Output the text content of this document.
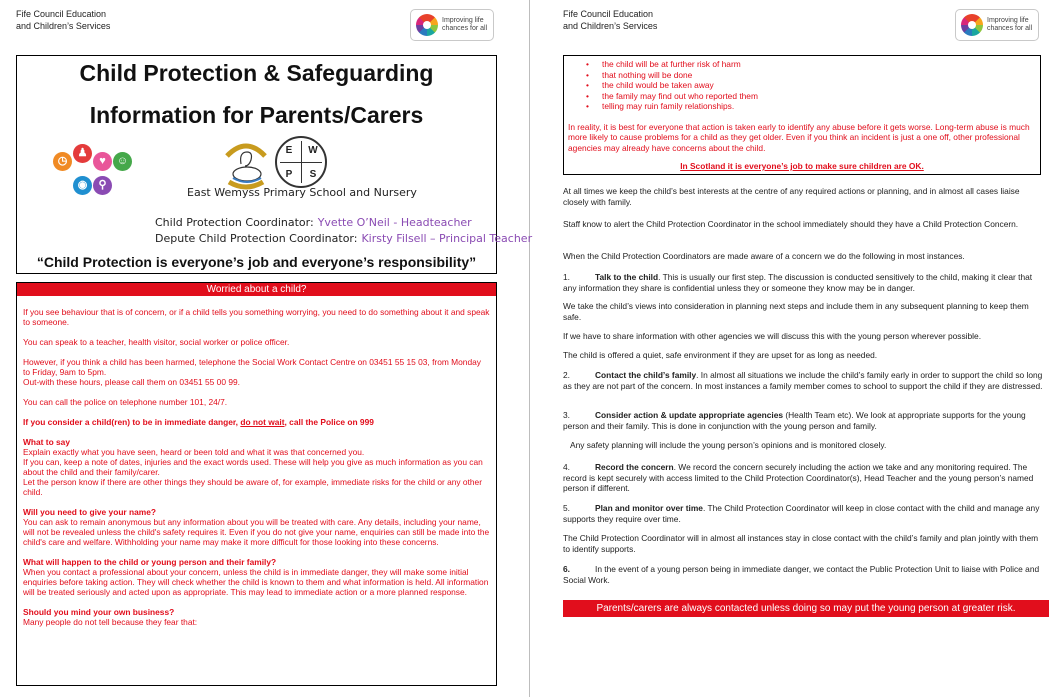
Fife Council Education
and Children’s Services
Improving life
chances for all
Fife Council Education
and Children’s Services
Improving life
chances for all
Child Protection & Safeguarding
Information for Parents/Carers
◷
♟
♥	☺
◉	⚲
E	W
P	S
East Wemyss Primary School and Nursery
Child Protection Coordinator: Yvette O’Neil - Headteacher
Depute Child Protection Coordinator: Kirsty Filsell – Principal Teacher
“Child Protection is everyone’s job and everyone’s responsibility”
Worried about a child?

If you see behaviour that is of concern, or if a child tells you something worrying, you need to do something about it and speak to someone.

You can speak to a teacher, health visitor, social worker or police officer.

However, if you think a child has been harmed, telephone the Social Work Contact Centre on 03451 55 15 03, from Monday to Friday, 9am to 5pm.
Out-with these hours, please call them on 03451 55 00 99.

You can call the police on telephone number 101, 24/7.

If you consider a child(ren) to be in immediate danger, do not wait, call the Police on 999

What to say
Explain exactly what you have seen, heard or been told and what it was that concerned you.
If you can, keep a note of dates, injuries and the exact words used. These will help you give as much information as you can about the child and their family/carer.
Let the person know if there are other things they should be aware of, for example, immediate risks for the child or any other child.

Will you need to give your name?
You can ask to remain anonymous but any information about you will be treated with care. Any details, including your name, will not be revealed unless the child's safety requires it. Even if you do not give your name, enquiries can still be made into the child's care and welfare. Withholding your name may make it more difficult for those looking into these concerns.

What will happen to the child or young person and their family?
When you contact a professional about your concern, unless the child is in immediate danger, they will make some initial enquiries before taking action. They will check whether the child is known to them and what information is held. All information will be treated seriously and acted upon as appropriate. This may lead to immediate action or a more planned response.

Should you mind your own business?
Many people do not tell because they fear that:

• the child will be at further risk of harm
• that nothing will be done
• the child would be taken away
• the family may find out who reported them
• telling may ruin family relationships.
In reality, it is best for everyone that action is taken early to identify any abuse before it gets worse. Long-term abuse is much more likely to cause problems for a child as they get older. Even if you think an incident is just a one off, other professional agencies may already have concerns about the child.
In Scotland it is everyone’s job to make sure children are OK.
At all times we keep the child’s best interests at the centre of any required actions or planning, and in almost all cases liaise closely with family.
Staff know to alert the Child Protection Coordinator in the school immediately should they have a Child Protection Concern.
When the Child Protection Coordinators are made aware of a concern we do the following in most instances.
1.	Talk to the child. This is usually our first step. The discussion is conducted sensitively to the child, making it clear that any information they share is confidential unless they or someone they know may be in danger.
We take the child’s views into consideration in planning next steps and include them in any subsequent planning to keep them safe.
If we have to share information with other agencies we will discuss this with the young person wherever possible.
The child is offered a quiet, safe environment if they are upset for as long as needed.
2.	Contact the child’s family. In almost all situations we include the child’s family early in order to support the child so long as they are not part of the concern. In most instances a family member comes to school to support the child if they are distressed.
3.	Consider action & update appropriate agencies (Health Team etc). We look at appropriate supports for the young person and their family. This is done in conjunction with the young person and family.
Any safety planning will include the young person’s opinions and is monitored closely.
4.	Record the concern. We record the concern securely including the action we take and any monitoring required. The record is kept securely with access limited to the Child Protection Coordinator(s), Head Teacher and the young person’s named person if different.
5.	Plan and monitor over time. The Child Protection Coordinator will keep in close contact with the child and manage any supports they require over time.
The Child Protection Coordinator will in almost all instances stay in close contact with the child’s family and plan jointly with them to identify supports.
6.	In the event of a young person being in immediate danger, we contact the Public Protection Unit to liaise with Police and Social Work.
Parents/carers are always contacted unless doing so may put the young person at greater risk.
